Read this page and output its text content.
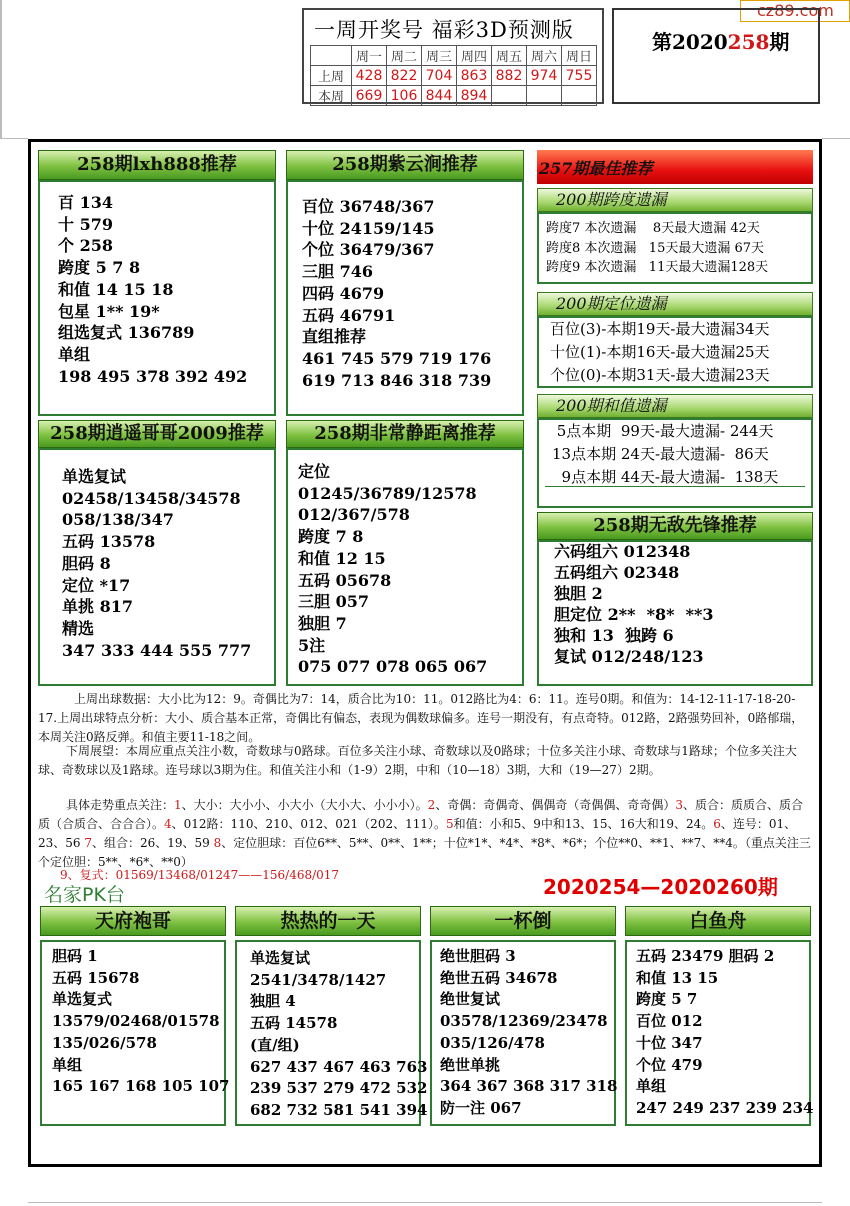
cz89.com
一周开奖号 福彩3D预测版
	周一	周二	周三	周四	周五	周六	周日
上周	428	822	704	863	882	974	755
本周	669	106	844	894			
第2020258期
258期lxh888推荐
百 134
十 579
个 258
跨度 5 7 8
和值 14 15 18
包星 1** 19*
组选复式 136789
单组
198 495 378 392 492
258期紫云涧推荐
百位 36748/367
十位 24159/145
个位 36479/367
三胆 746
四码 4679
五码 46791
直组推荐
461 745 579 719 176
619 713 846 318 739
258期逍遥哥哥2009推荐
单选复试
02458/13458/34578
058/138/347
五码 13578
胆码 8
定位 *17
单挑 817
精选
347 333 444 555 777
258期非常静距离推荐
定位
01245/36789/12578
012/367/578
跨度 7 8
和值 12 15
五码 05678
三胆 057
独胆 7
5注
075 077 078 065 067
257期最佳推荐
200期跨度遗漏
跨度7 本次遗漏    8天最大遗漏 42天
跨度8 本次遗漏   15天最大遗漏 67天
跨度9 本次遗漏   11天最大遗漏128天
200期定位遗漏
百位(3)-本期19天-最大遗漏34天
十位(1)-本期16天-最大遗漏25天
个位(0)-本期31天-最大遗漏23天
200期和值遗漏
5点本期  99天-最大遗漏- 244天
13点本期 24天-最大遗漏-  86天
9点本期 44天-最大遗漏-  138天
258期无敌先锋推荐
六码组六 012348
五码组六 02348
独胆 2
胆定位 2**  *8*  **3
独和 13  独跨 6
复试 012/248/123
上周出球数据：大小比为12：9。奇偶比为7：14，质合比为10：11。012路比为4：6：11。连号0期。和值为：14-12-11-17-18-20-17.上周出球特点分析：大小、质合基本正常，奇偶比有偏态，表现为偶数球偏多。连号一期没有，有点奇特。012路，2路强势回补，0路郁瑞，本周关注0路反弹。和值主要11-18之间。
下周展望：本周应重点关注小数，奇数球与0路球。百位多关注小球、奇数球以及0路球；十位多关注小球、奇数球与1路球；个位多关注大球、奇数球以及1路球。连号球以3期为住。和值关注小和（1-9）2期，中和（10—18）3期，大和（19—27）2期。
具体走势重点关注：1、大小：大小小、小大小（大小大、小小小）。2、奇偶：奇偶奇、偶偶奇（奇偶偶、奇奇偶）3、质合：质质合、质合质（合质合、合合合）。4、012路：110、210、012、021（202、111）。5和值：小和5、9中和13、15、16大和19、24。6、连号：01、23、56 7、组合：26、19、59 8、定位胆球：百位6**、5**、0**、1**；十位*1*、*4*、*8*、*6*；个位**0、**1、**7、**4。（重点关注三个定位胆：5**、*6*、**0）
9、复式：01569/13468/01247——156/468/017
名家PK台	2020254—2020260期
天府袍哥
胆码 1
五码 15678
单选复式
13579/02468/01578
135/026/578
单组
165 167 168 105 107
热热的一天
单选复试
2541/3478/1427
独胆 4
五码 14578
(直/组)
627 437 467 463 763
239 537 279 472 532
682 732 581 541 394
一杯倒
绝世胆码 3
绝世五码 34678
绝世复试
03578/12369/23478
035/126/478
绝世单挑
364 367 368 317 318
防一注 067
白鱼舟
五码 23479 胆码 2
和值 13 15
跨度 5 7
百位 012
十位 347
个位 479
单组
247 249 237 239 234
